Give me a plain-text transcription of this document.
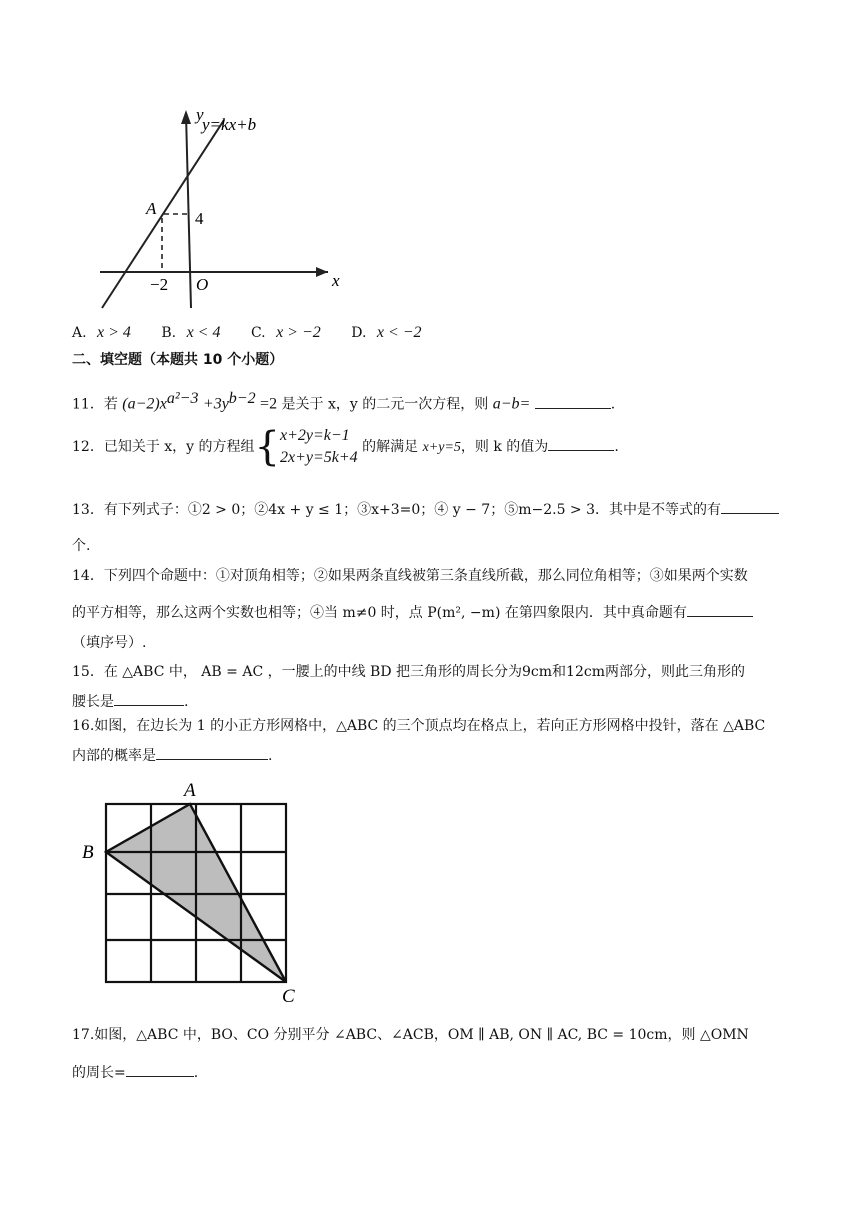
y=kx+b
y
x
A
4
−2 O
A. x > 4 B. x < 4 C. x > −2 D. x < −2
二、填空题（本题共 10 个小题）
11．若 $(a-2)x^{a^2-3} +3y^{b-2} =2$ 是关于 x，y 的二元一次方程，则 a−b=	.
12．已知关于 x，y 的方程组{ x+2y=k−1
2x+y=5k+4
的解满足 x+y=5，则 k 的值为	.
13．有下列式子：①2 > 0；②4x + y ≤ 1；③x+3=0；④ y − 7；⑤m−2.5 > 3．其中是不等式的有
个.
14．下列四个命题中：①对顶角相等；②如果两条直线被第三条直线所截，那么同位角相等；③如果两个实数
的平方相等，那么这两个实数也相等；④当 m≠0 时，点 P(m², −m) 在第四象限内．其中真命题有
（填序号）.
15．在 △ABC 中， AB = AC ，一腰上的中线 BD 把三角形的周长分为9cm和12cm两部分，则此三角形的
腰长是	.
16.如图，在边长为 1 的小正方形网格中，△ABC 的三个顶点均在格点上，若向正方形网格中投针，落在 △ABC
内部的概率是	.
A
B
C
17.如图，△ABC 中，BO、CO 分别平分 ∠ABC、∠ACB，OM ∥ AB, ON ∥ AC, BC = 10cm，则 △OMN
的周长=	.
